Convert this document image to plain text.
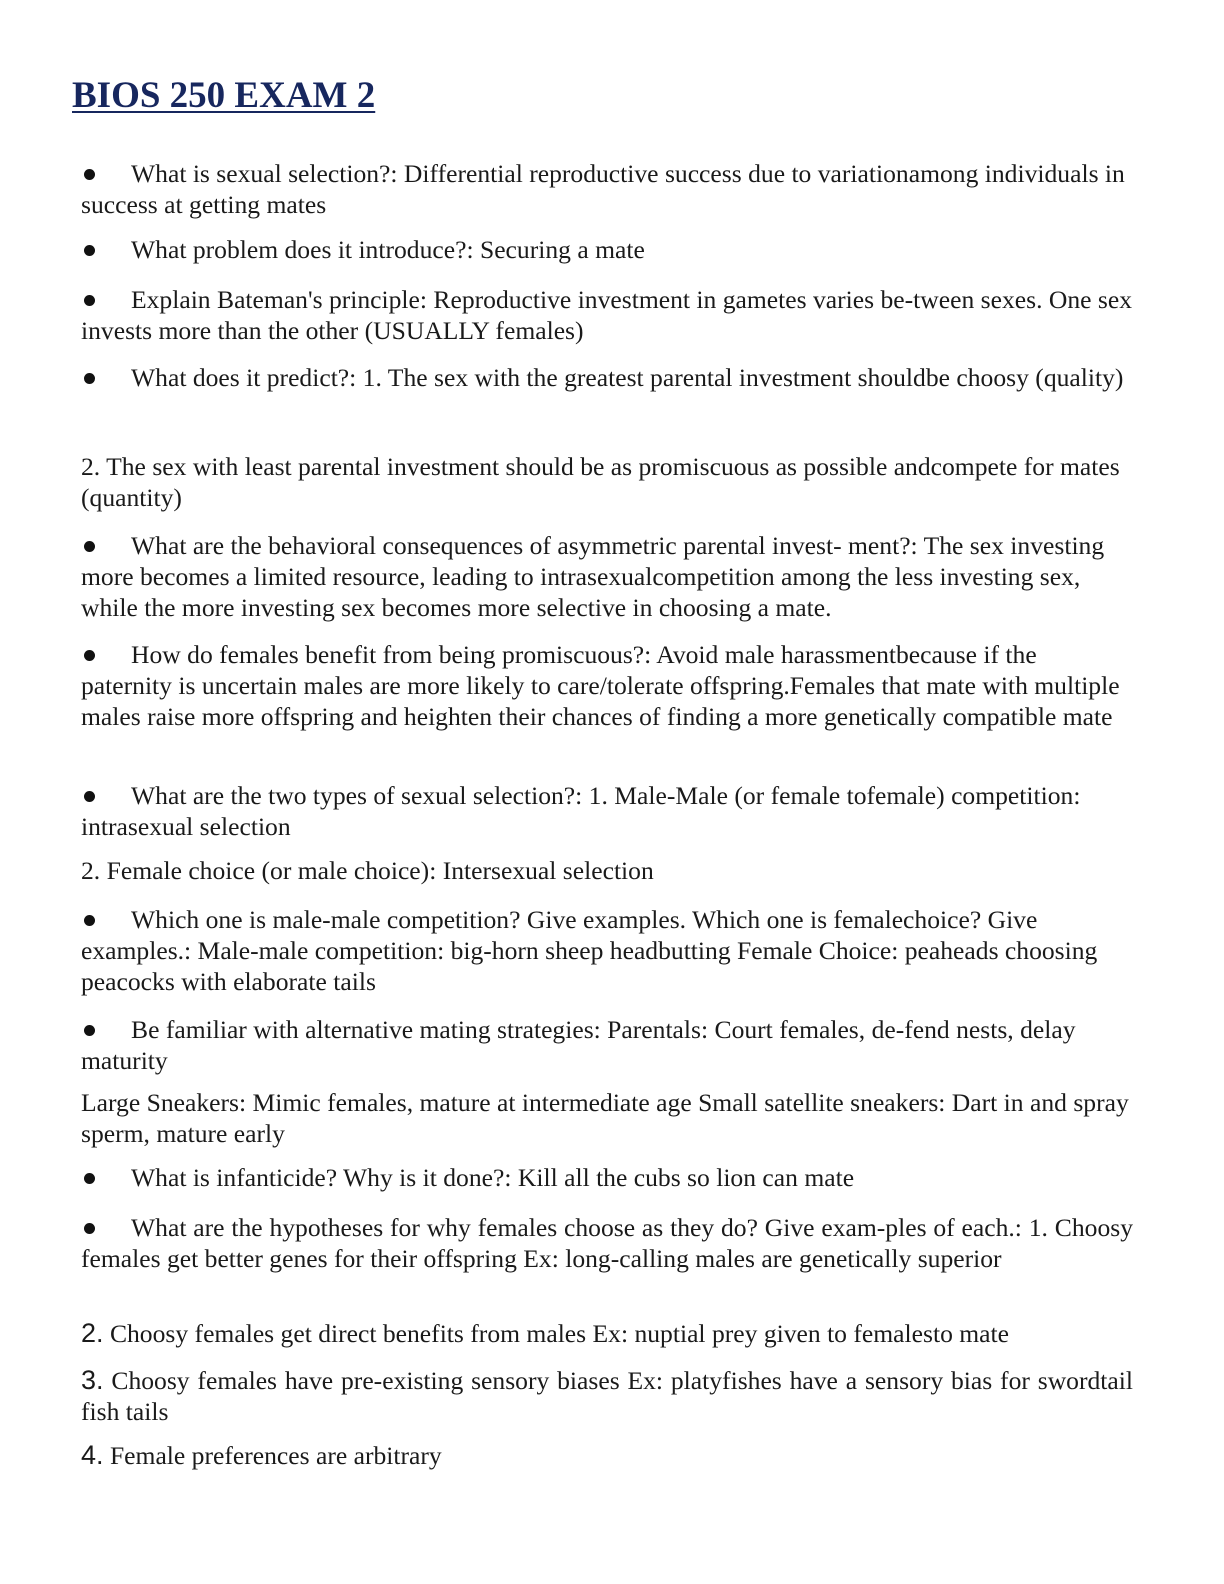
BIOS 250 EXAM 2

What is sexual selection?: Differential reproductive success due to variationamong individuals in success at getting mates

What problem does it introduce?: Securing a mate

Explain Bateman's principle: Reproductive investment in gametes varies be-tween sexes. One sex invests more than the other (USUALLY females)

What does it predict?: 1. The sex with the greatest parental investment shouldbe choosy (quality)

2. The sex with least parental investment should be as promiscuous as possible andcompete for mates (quantity)

What are the behavioral consequences of asymmetric parental invest- ment?: The sex investing more becomes a limited resource, leading to intrasexualcompetition among the less investing sex, while the more investing sex becomes more selective in choosing a mate.

How do females benefit from being promiscuous?: Avoid male harassmentbecause if the paternity is uncertain males are more likely to care/tolerate offspring.Females that mate with multiple males raise more offspring and heighten their chances of finding a more genetically compatible mate

What are the two types of sexual selection?: 1. Male-Male (or female tofemale) competition: intrasexual selection

2. Female choice (or male choice): Intersexual selection

Which one is male-male competition? Give examples. Which one is femalechoice? Give examples.: Male-male competition: big-horn sheep headbutting Female Choice: peaheads choosing peacocks with elaborate tails

Be familiar with alternative mating strategies: Parentals: Court females, de-fend nests, delay maturity

Large Sneakers: Mimic females, mature at intermediate age Small satellite sneakers: Dart in and spray sperm, mature early

What is infanticide? Why is it done?: Kill all the cubs so lion can mate

What are the hypotheses for why females choose as they do? Give exam-ples of each.: 1. Choosy females get better genes for their offspring Ex: long-calling males are genetically superior

2. Choosy females get direct benefits from males Ex: nuptial prey given to femalesto mate

3. Choosy females have pre-existing sensory biases Ex: platyfishes have a sensory bias for swordtail fish tails

4. Female preferences are arbitrary
